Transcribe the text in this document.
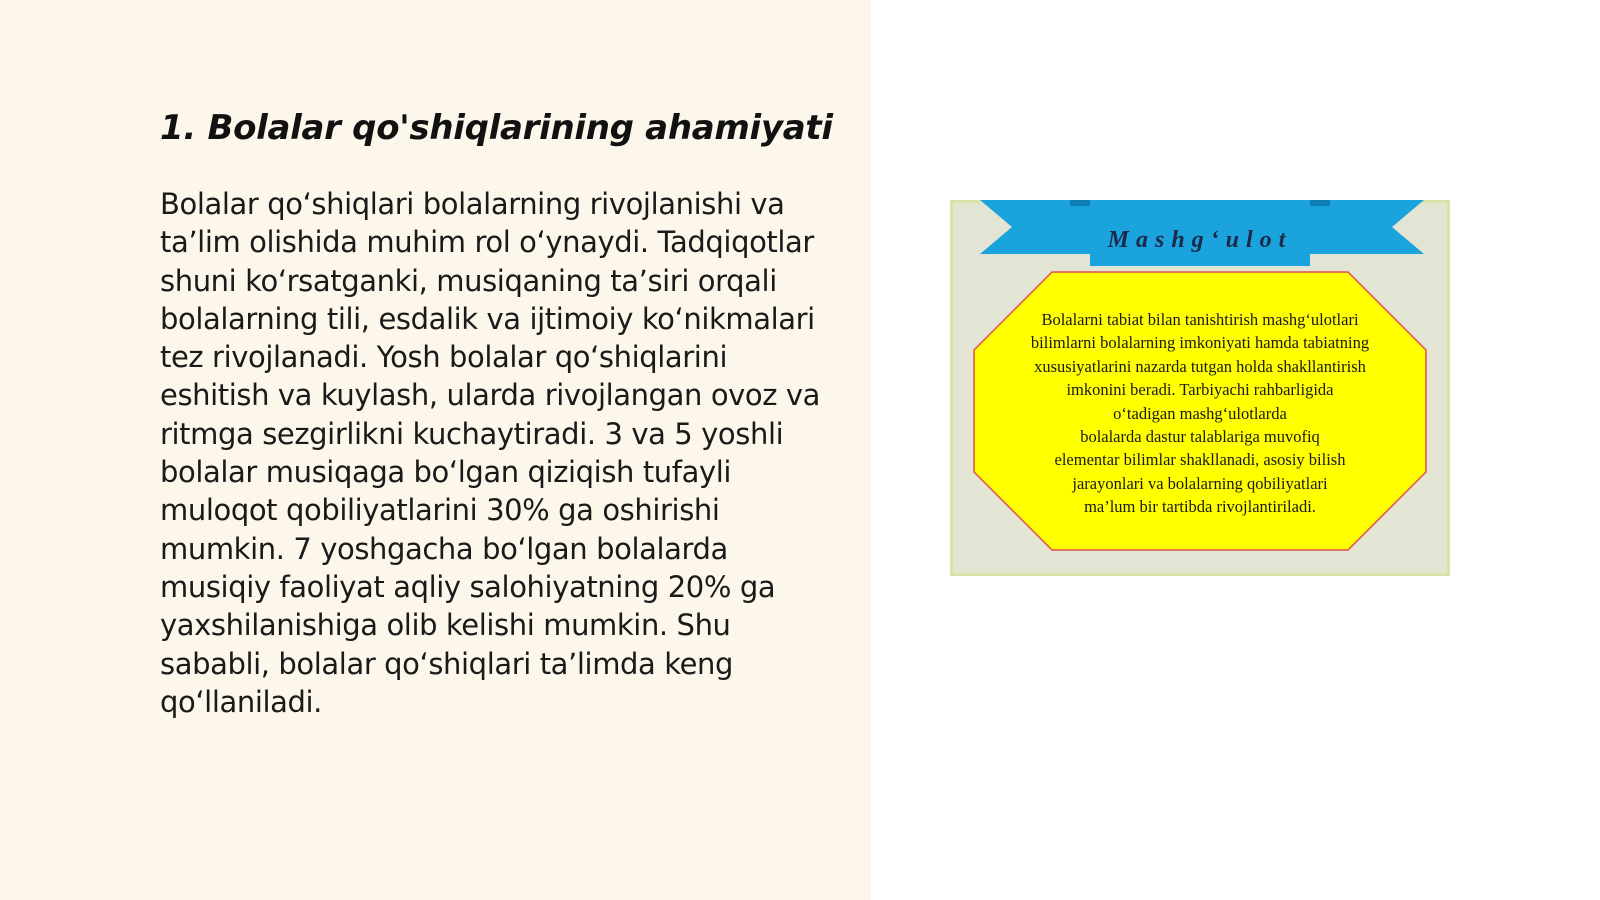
1. Bolalar qo'shiqlarining ahamiyati

Bolalar qo‘shiqlari bolalarning rivojlanishi va ta’lim olishida muhim rol o‘ynaydi. Tadqiqotlar shuni ko‘rsatganki, musiqaning ta’siri orqali bolalarning tili, esdalik va ijtimoiy ko‘nikmalari tez rivojlanadi. Yosh bolalar qo‘shiqlarini eshitish va kuylash, ularda rivojlangan ovoz va ritmga sezgirlikni kuchaytiradi. 3 va 5 yoshli bolalar musiqaga bo‘lgan qiziqish tufayli muloqot qobiliyatlarini 30% ga oshirishi mumkin. 7 yoshgacha bo‘lgan bolalarda musiqiy faoliyat aqliy salohiyatning 20% ga yaxshilanishiga olib kelishi mumkin. Shu sababli, bolalar qo‘shiqlari ta’limda keng qo‘llaniladi.

Mashg‘ulot

Bolalarni tabiat bilan tanishtirish mashg‘ulotlari
bilimlarni bolalarning imkoniyati hamda tabiatning
xususiyatlarini nazarda tutgan holda shakllantirish
imkonini beradi. Tarbiyachi rahbarligida
o‘tadigan mashg‘ulotlarda
bolalarda dastur talablariga muvofiq
elementar bilimlar shakllanadi, asosiy bilish
jarayonlari va bolalarning qobiliyatlari
ma’lum bir tartibda rivojlantiriladi.
